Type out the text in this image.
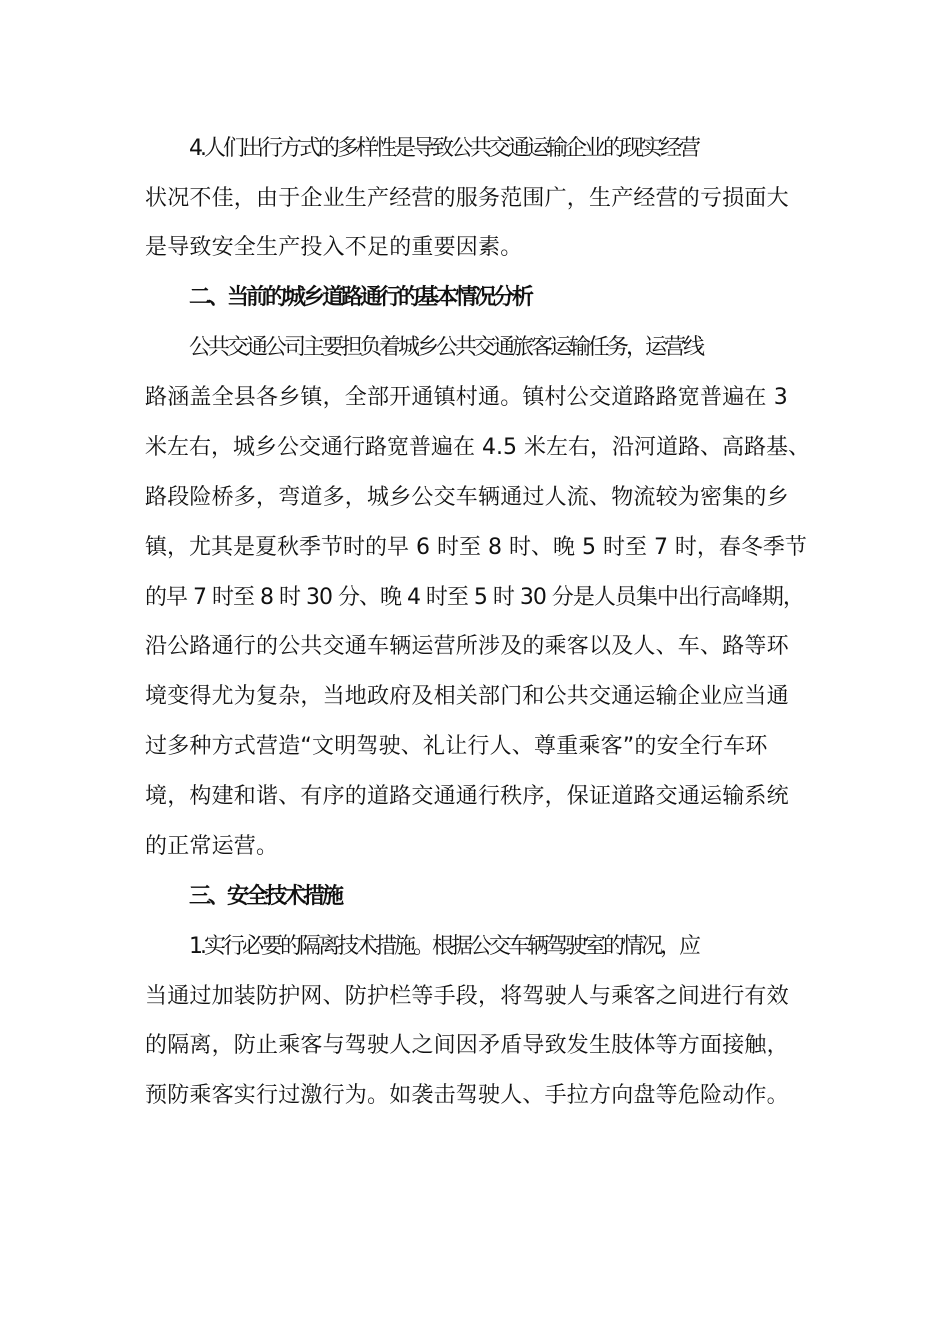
4.人们出行方式的多样性是导致公共交通运输企业的现实经营
状况不佳，由于企业生产经营的服务范围广，生产经营的亏损面大
是导致安全生产投入不足的重要因素。
二、当前的城乡道路通行的基本情况分析
公共交通公司主要担负着城乡公共交通旅客运输任务，运营线
路涵盖全县各乡镇，全部开通镇村通。镇村公交道路路宽普遍在 3
米左右，城乡公交通行路宽普遍在 4.5 米左右，沿河道路、高路基、
路段险桥多，弯道多，城乡公交车辆通过人流、物流较为密集的乡
镇，尤其是夏秋季节时的早 6 时至 8 时、晚 5 时至 7 时，春冬季节
的早 7 时至 8 时 30 分、晚 4 时至 5 时 30 分是人员集中出行高峰期，
沿公路通行的公共交通车辆运营所涉及的乘客以及人、车、路等环
境变得尤为复杂，当地政府及相关部门和公共交通运输企业应当通
过多种方式营造“文明驾驶、礼让行人、尊重乘客”的安全行车环
境，构建和谐、有序的道路交通通行秩序，保证道路交通运输系统
的正常运营。
三、安全技术措施
1.实行必要的隔离技术措施。根据公交车辆驾驶室的情况，应
当通过加装防护网、防护栏等手段，将驾驶人与乘客之间进行有效
的隔离，防止乘客与驾驶人之间因矛盾导致发生肢体等方面接触，
预防乘客实行过激行为。如袭击驾驶人、手拉方向盘等危险动作。
